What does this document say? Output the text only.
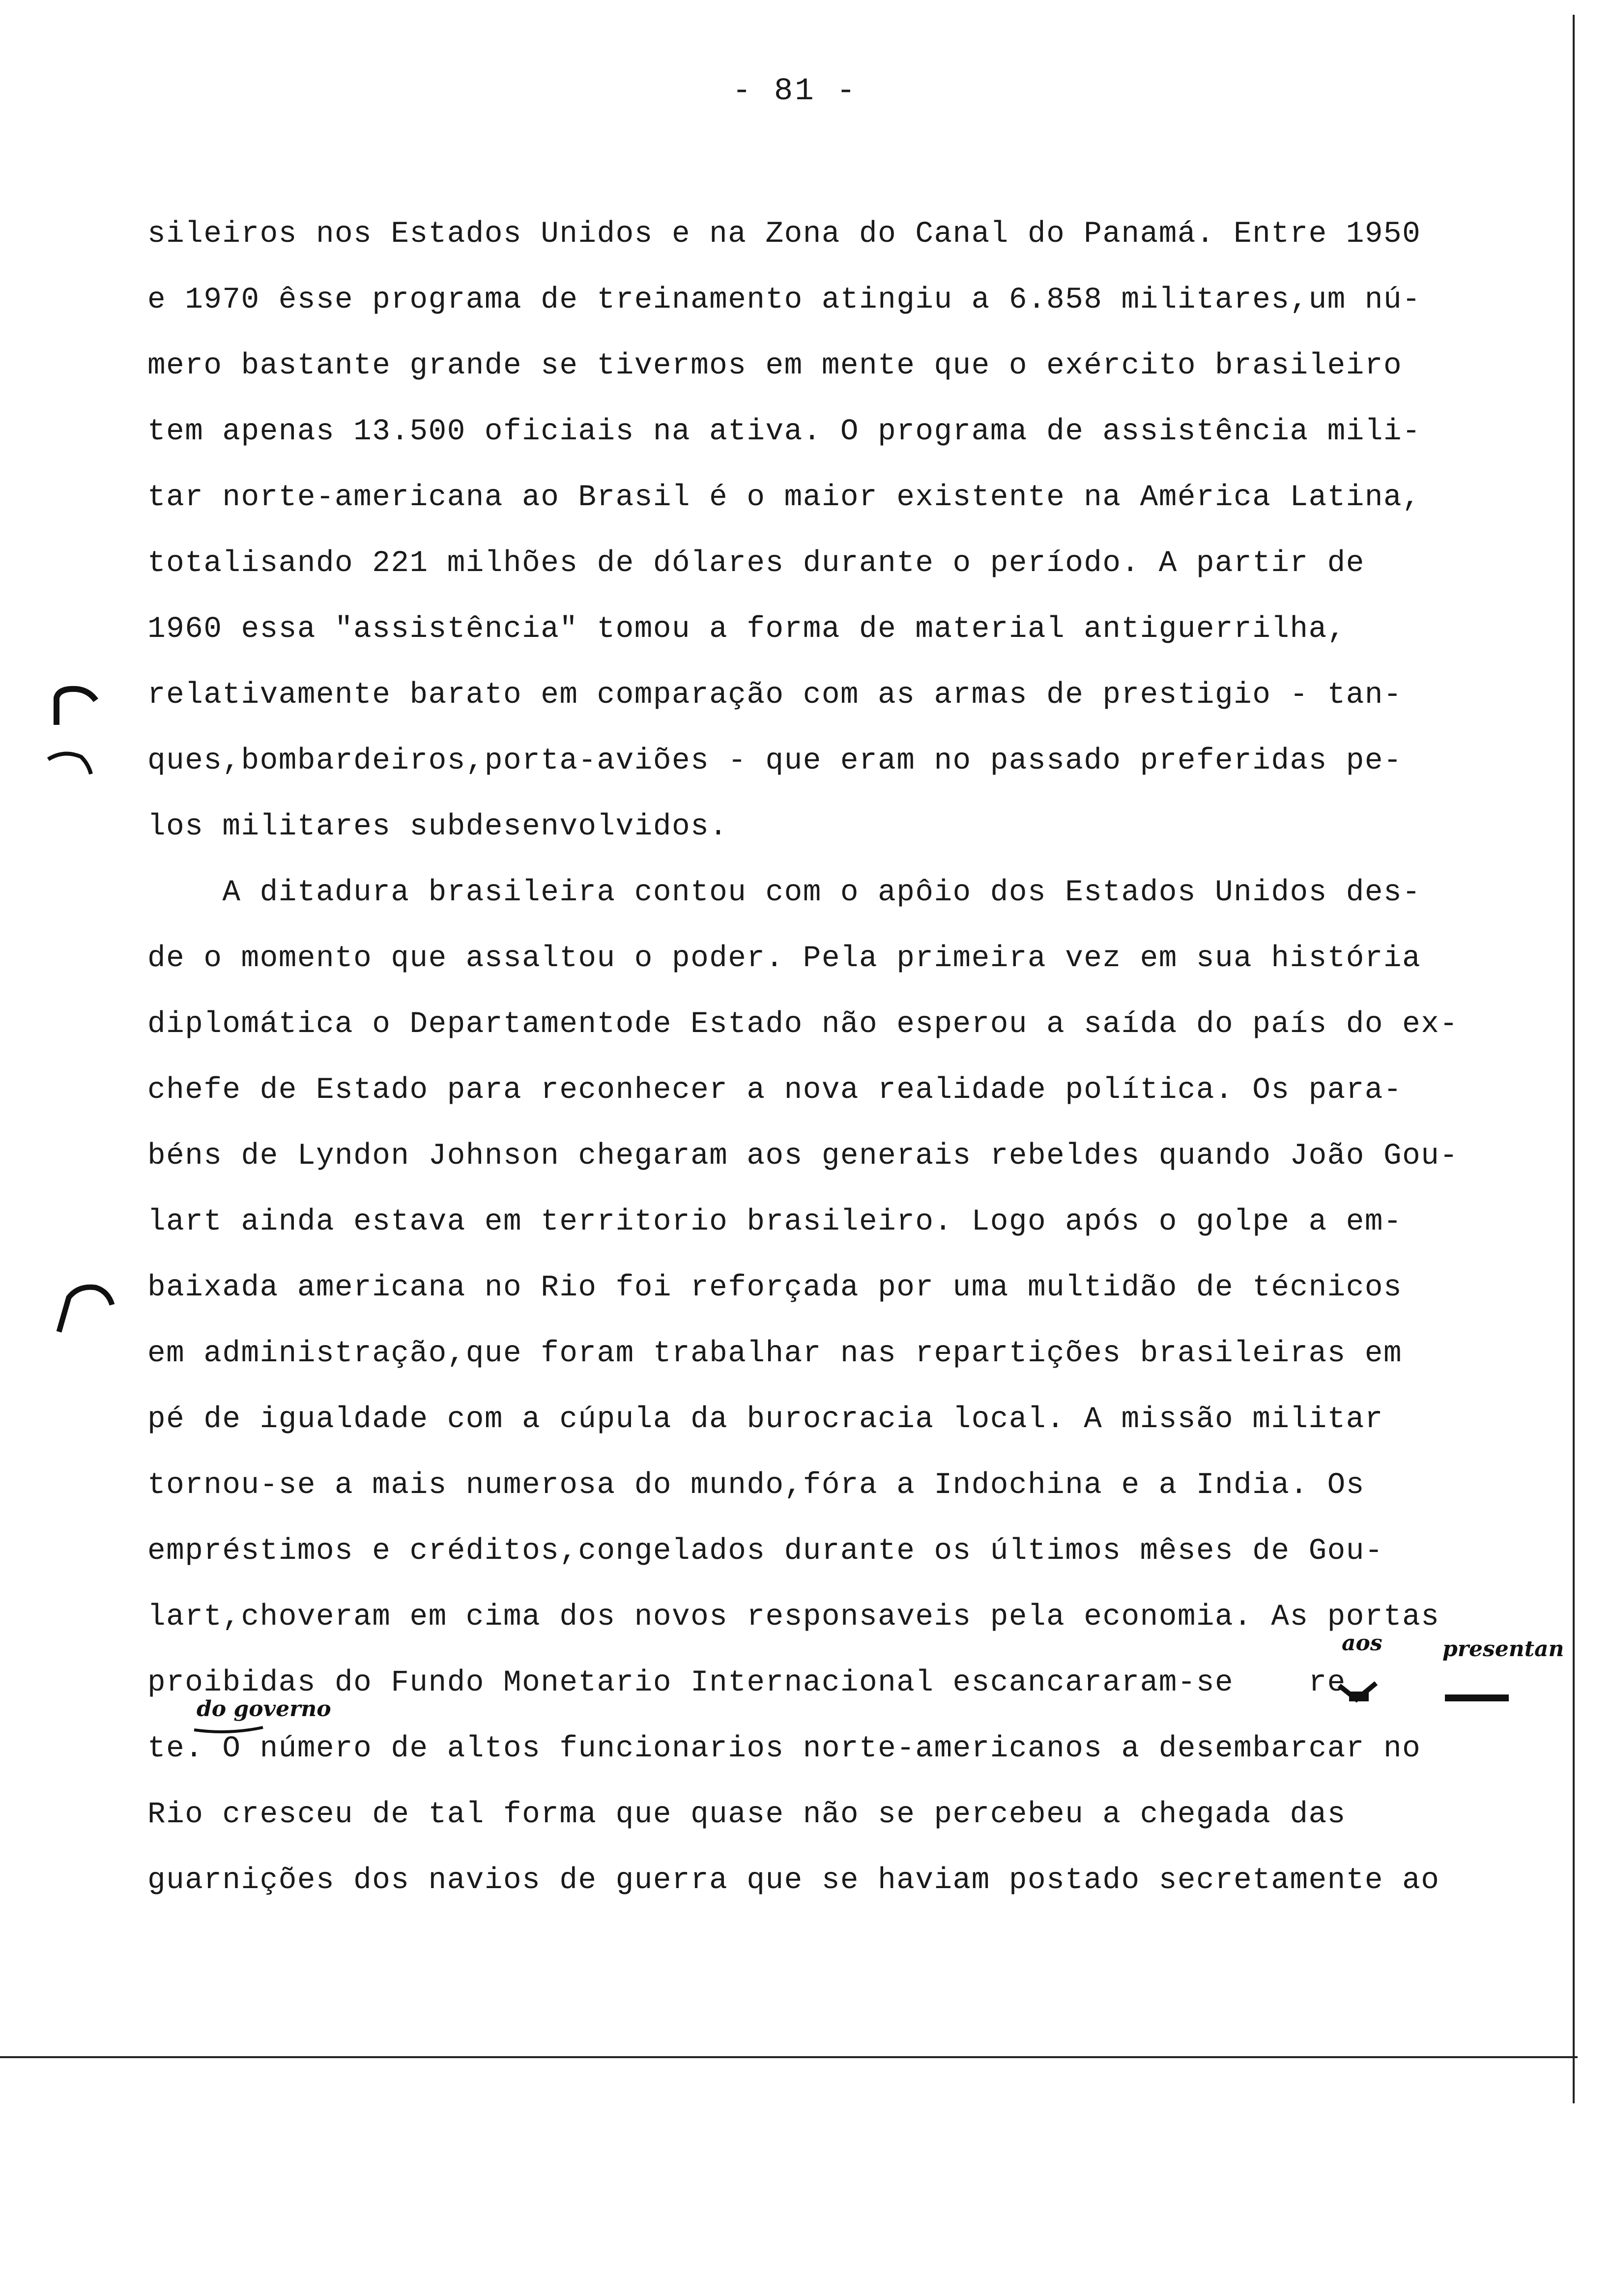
- 81 -
sileiros nos Estados Unidos e na Zona do Canal do Panamá. Entre 1950
e 1970 êsse programa de treinamento atingiu a 6.858 militares,um nú-
mero bastante grande se tivermos em mente que o exército brasileiro
tem apenas 13.500 oficiais na ativa. O programa de assistência mili-
tar norte-americana ao Brasil é o maior existente na América Latina,
totalisando 221 milhões de dólares durante o período. A partir de
1960 essa "assistência" tomou a forma de material antiguerrilha,
relativamente barato em comparação com as armas de prestigio - tan-
ques,bombardeiros,porta-aviões - que eram no passado preferidas pe-
los militares subdesenvolvidos.
A ditadura brasileira contou com o apôio dos Estados Unidos des-
de o momento que assaltou o poder. Pela primeira vez em sua história
diplomática o Departamentode Estado não esperou a saída do país do ex-
chefe de Estado para reconhecer a nova realidade política. Os para-
béns de Lyndon Johnson chegaram aos generais rebeldes quando João Gou-
lart ainda estava em territorio brasileiro. Logo após o golpe a em-
baixada americana no Rio foi reforçada por uma multidão de técnicos
em administração,que foram trabalhar nas repartições brasileiras em
pé de igualdade com a cúpula da burocracia local. A missão militar
tornou-se a mais numerosa do mundo,fóra a Indochina e a India. Os
empréstimos e créditos,congelados durante os últimos mêses de Gou-
lart,choveram em cima dos novos responsaveis pela economia. As portas
proibidas do Fundo Monetario Internacional escancararam-se    re
te. O número de altos funcionarios norte-americanos a desembarcar no
Rio cresceu de tal forma que quase não se percebeu a chegada das
guarnições dos navios de guerra que se haviam postado secretamente ao
aos	presentan
do governo
